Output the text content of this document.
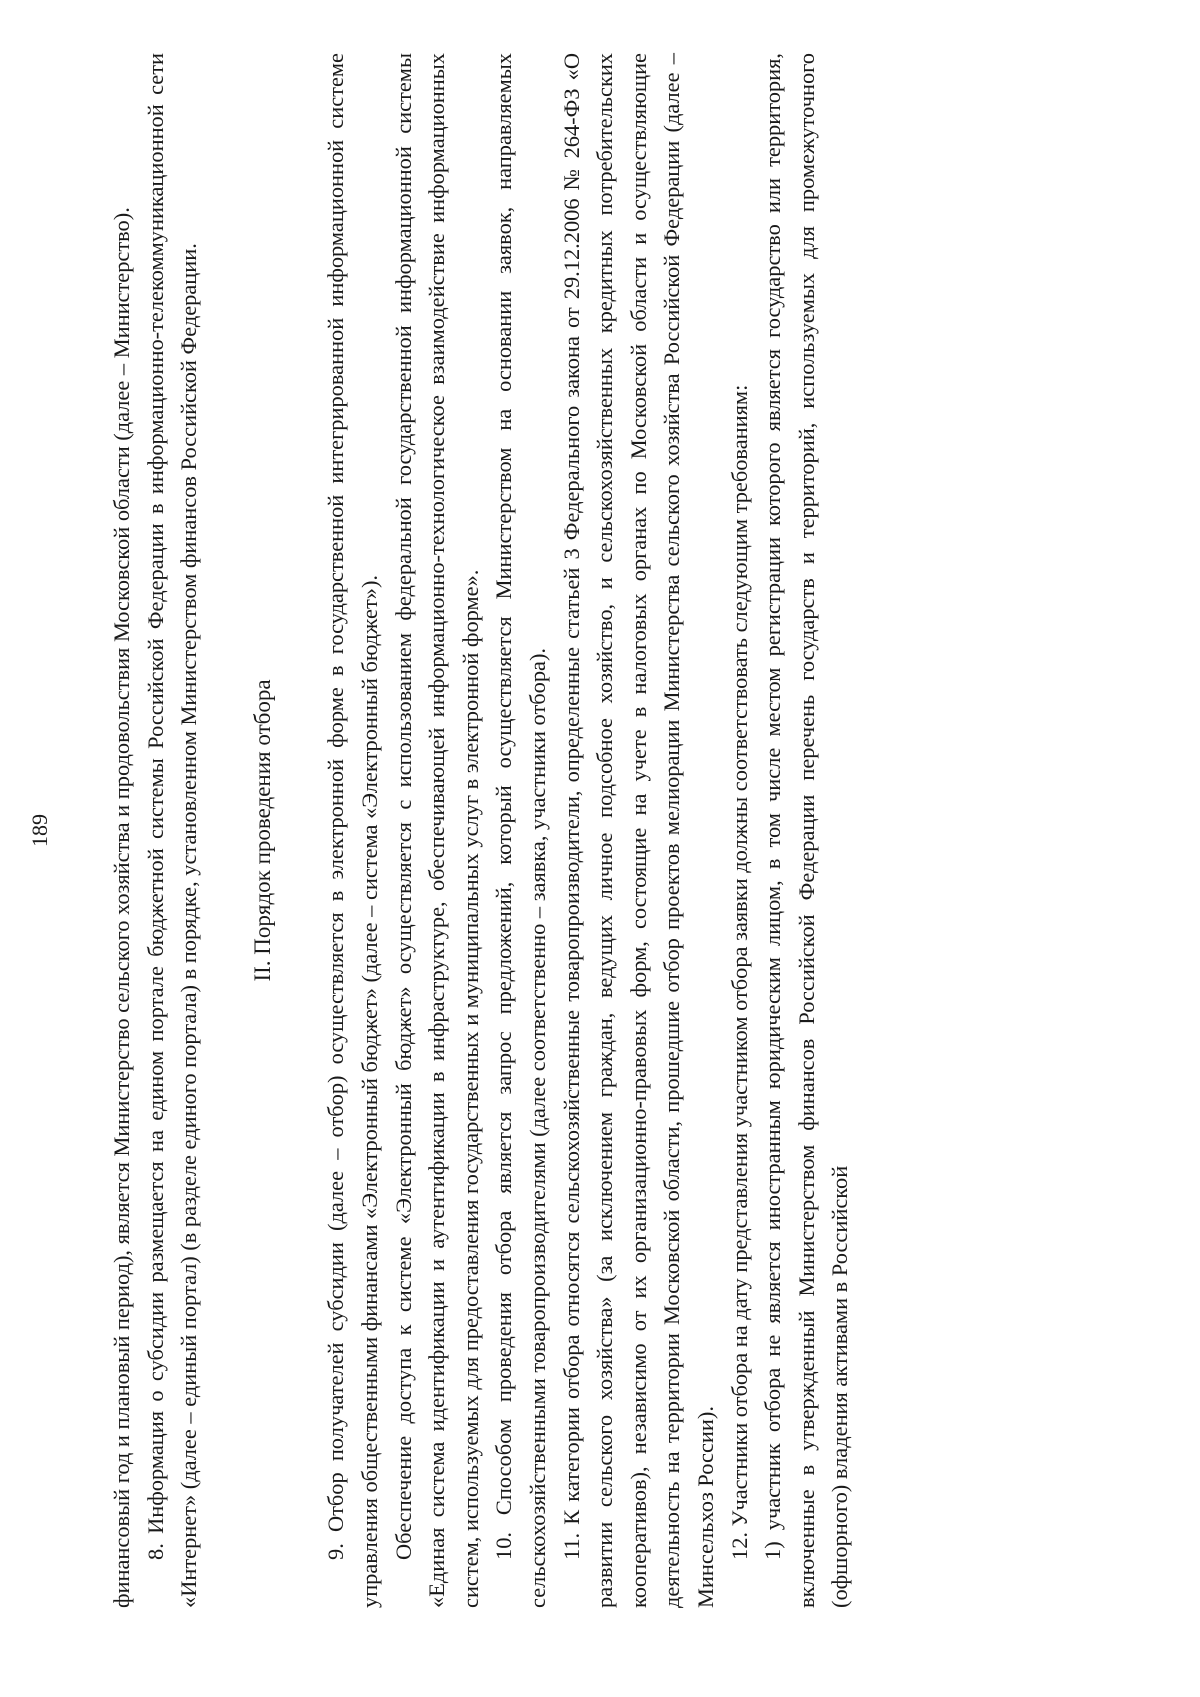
189	финансовый год и плановый период), является Министерство сельского хозяйства и продовольствия Московской области (далее – Министерство). 8. Информация о субсидии размещается на едином портале бюджетной системы Российской Федерации в информационно-телекоммуникационной сети «Интернет» (далее – единый портал) (в разделе единого портала) в порядке, установленном Министерством финансов Российской Федерации. II. Порядок проведения отбора 9. Отбор получателей субсидии (далее – отбор) осуществляется в электронной форме в государственной интегрированной информационной системе управления общественными финансами «Электронный бюджет» (далее – система «Электронный бюджет»). Обеспечение доступа к системе «Электронный бюджет» осуществляется с использованием федеральной государственной информационной системы «Единая система идентификации и аутентификации в инфраструктуре, обеспечивающей информационно-технологическое взаимодействие информационных систем, используемых для предоставления государственных и муниципальных услуг в электронной форме». 10. Способом проведения отбора является запрос предложений, который осуществляется Министерством на основании заявок, направляемых сельскохозяйственными товаропроизводителями (далее соответственно – заявка, участники отбора). 11. К категории отбора относятся сельскохозяйственные товаропроизводители, определенные статьей 3 Федерального закона от 29.12.2006 № 264-ФЗ «О развитии сельского хозяйства» (за исключением граждан, ведущих личное подсобное хозяйство, и сельскохозяйственных кредитных потребительских кооперативов), независимо от их организационно-правовых форм, состоящие на учете в налоговых органах по Московской области и осуществляющие деятельность на территории Московской области, прошедшие отбор проектов мелиорации Министерства сельского хозяйства Российской Федерации (далее – Минсельхоз России). 12. Участники отбора на дату представления участником отбора заявки должны соответствовать следующим требованиям: 1) участник отбора не является иностранным юридическим лицом, в том числе местом регистрации которого является государство или территория, включенные в утвержденный Министерством финансов Российской Федерации перечень государств и территорий, используемых для промежуточного (офшорного) владения активами в Российской
